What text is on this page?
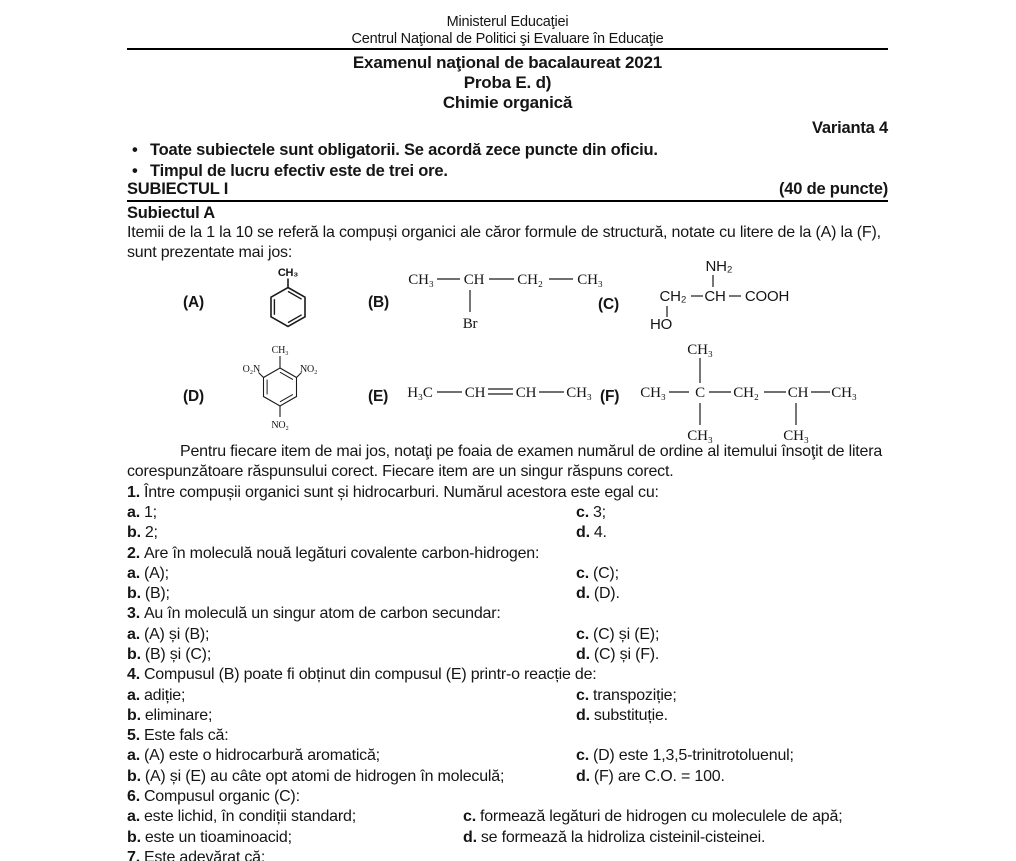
Ministerul Educaţiei
Centrul Naţional de Politici şi Evaluare în Educaţie
Examenul naţional de bacalaureat 2021
Proba E. d)
Chimie organică
Varianta 4
• Toate subiectele sunt obligatorii. Se acordă zece puncte din oficiu.
• Timpul de lucru efectiv este de trei ore.
SUBIECTUL I	(40 de puncte)
Subiectul A
Itemii de la 1 la 10 se referă la compuși organici ale căror formule de structură, notate cu litere de la (A) la (F), sunt prezentate mai jos:
(A)
CH₃
(B)
CH₃ CH CH₂ CH₃
Br
(C)
NH₂
CH₂ CH COOH
HO
(D)
CH₃
O₂N	NO₂
NO₂
(E) H₃C CH CH CH₃ (F)
CH₃
CH₃ C CH₂ CH CH₃
CH₃	CH₃
Pentru fiecare item de mai jos, notaţi pe foaia de examen numărul de ordine al itemului însoţit de litera corespunzătoare răspunsului corect. Fiecare item are un singur răspuns corect.
1. Între compușii organici sunt și hidrocarburi. Numărul acestora este egal cu:
a. 1;	c. 3;
b. 2;	d. 4.
2. Are în moleculă nouă legături covalente carbon-hidrogen:
a. (A);	c. (C);
b. (B);	d. (D).
3. Au în moleculă un singur atom de carbon secundar:
a. (A) și (B);	c. (C) și (E);
b. (B) și (C);	d. (C) și (F).
4. Compusul (B) poate fi obținut din compusul (E) printr-o reacție de:
a. adiție;	c. transpoziție;
b. eliminare;	d. substituție.
5. Este fals că:
a. (A) este o hidrocarbură aromatică;	c. (D) este 1,3,5-trinitrotoluenul;
b. (A) și (E) au câte opt atomi de hidrogen în moleculă;	d. (F) are C.O. = 100.
6. Compusul organic (C):
a. este lichid, în condiții standard;	c. formează legături de hidrogen cu moleculele de apă;
b. este un tioaminoacid;	d. se formează la hidroliza cisteinil-cisteinei.
7. Este adevărat că:
